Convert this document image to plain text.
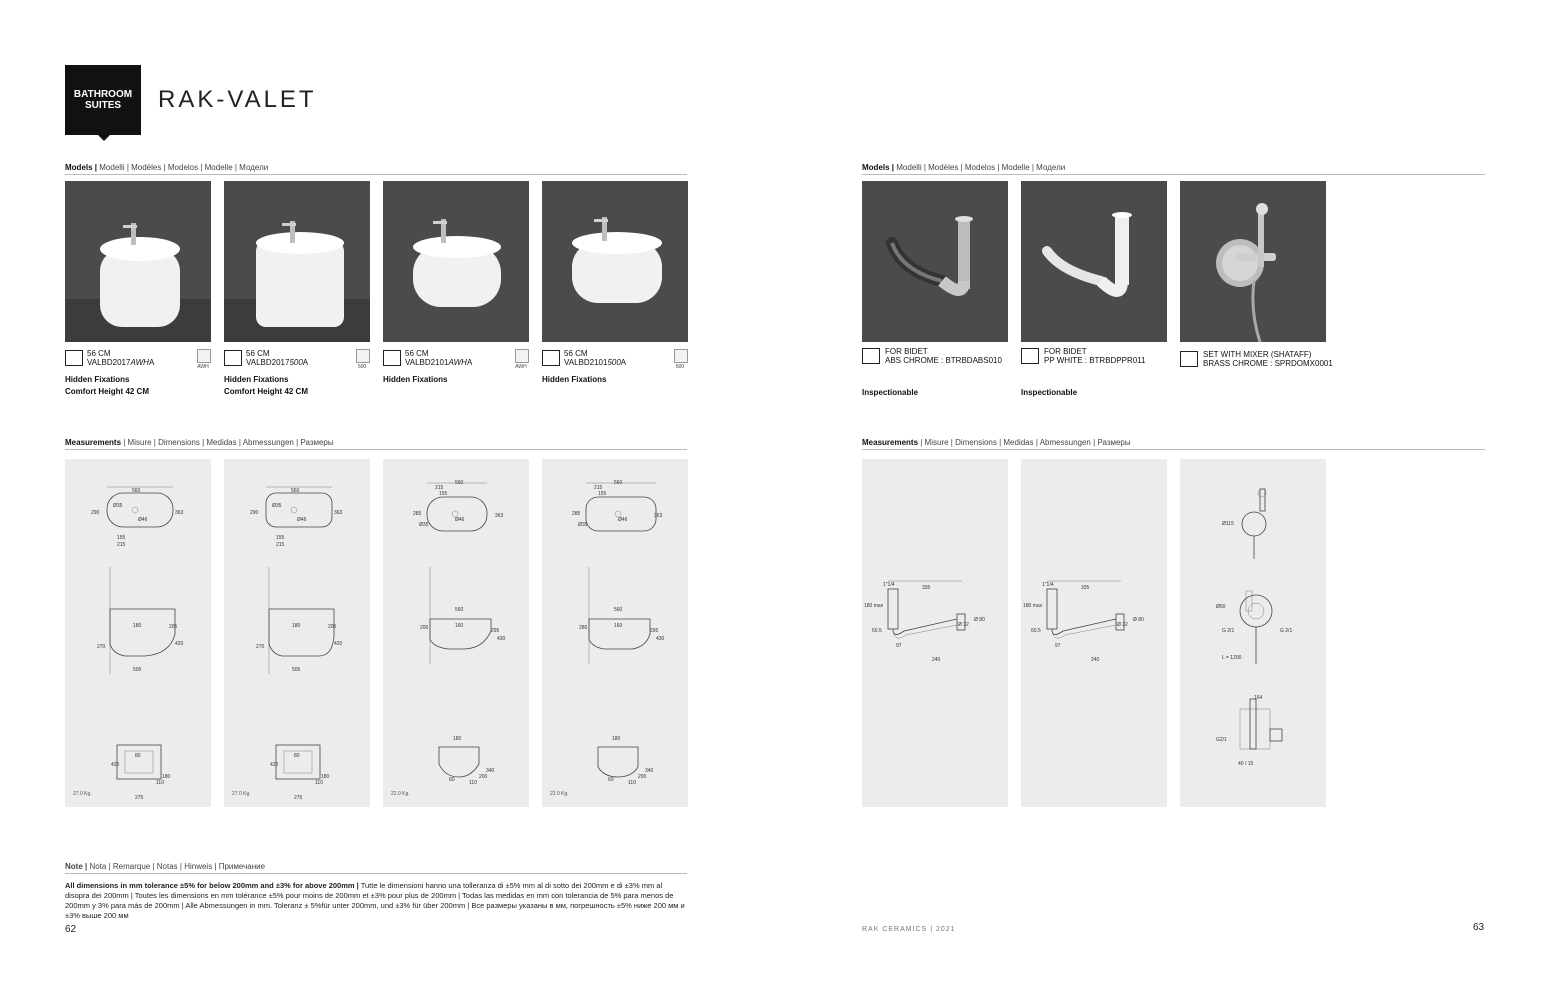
BATHROOM
SUITES RAK-VALET
Models | Modelli | Modèles | Modelos | Modelle | Модели
56 CM
VALBD2017AWHA	AWH
Hidden Fixations
Comfort Height 42 CM
56 CM
VALBD2017500A	500
Hidden Fixations
Comfort Height 42 CM
56 CM
VALBD2101AWHA	AWH
Hidden Fixations
56 CM
VALBD2101500A	500
Hidden Fixations
Measurements | Misure | Dimensions | Medidas | Abmessungen | Размеры
560
290	363
Ø35
Ø46
155
215
180	205
270	420
505
420
80
180
110
275
27.0 Kg.
560
290	363
Ø35
Ø46
155
215
180	205
270	420
505
420
80
180
110
275
27.0 Kg.
560
285	363
Ø35
Ø46
215
155
560
160
200	295
430
180
340
200
60	110
22.0 Kg.
560
285	363
Ø35
Ø46
215
155
560
160
280	295
430
180
340
200
60	110
22.0 Kg.
Note | Nota | Remarque | Notas | Hinweis | Примечание
All dimensions in mm tolerance ±5% for below 200mm and ±3% for above 200mm | Tutte le dimensioni hanno una tolleranza di ±5% mm al di sotto dei 200mm e di ±3% mm al disopra dei 200mm | Toutes les dimensions en mm tolérance ±5% pour moins de 200mm et ±3% pour plus de 200mm | Todas las medidas en mm con tolerancia de 5% para menos de 200mm y 3% para más de 200mm | Alle Abmessungen in mm. Toleranz ± 5%für unter 200mm, und ±3% für über 200mm | Все размеры указаны в мм, погрешность ±5% ниже 200 мм и ±3% выше 200 мм
62
Models | Modelli | Modèles | Modelos | Modelle | Модели
FOR BIDET
ABS CHROME : BTRBDABS010
Inspectionable
FOR BIDET
PP WHITE : BTRBDPPR011
Inspectionable
SET WITH MIXER (SHATAFF)
BRASS CHROME : SPRDOMX0001
Measurements | Misure | Dimensions | Medidas | Abmessungen | Размеры
1"1/4	335
180 max
Ø 80
Ø 32
60.5
97
240
1"1/4	335
180 max
Ø 80
Ø 32
60.5
97
240
Ø115
Ø50
G 2/1	G 2/1
L = 1200
164
G2/1
40 / 15
RAK CERAMICS | 2021	63
